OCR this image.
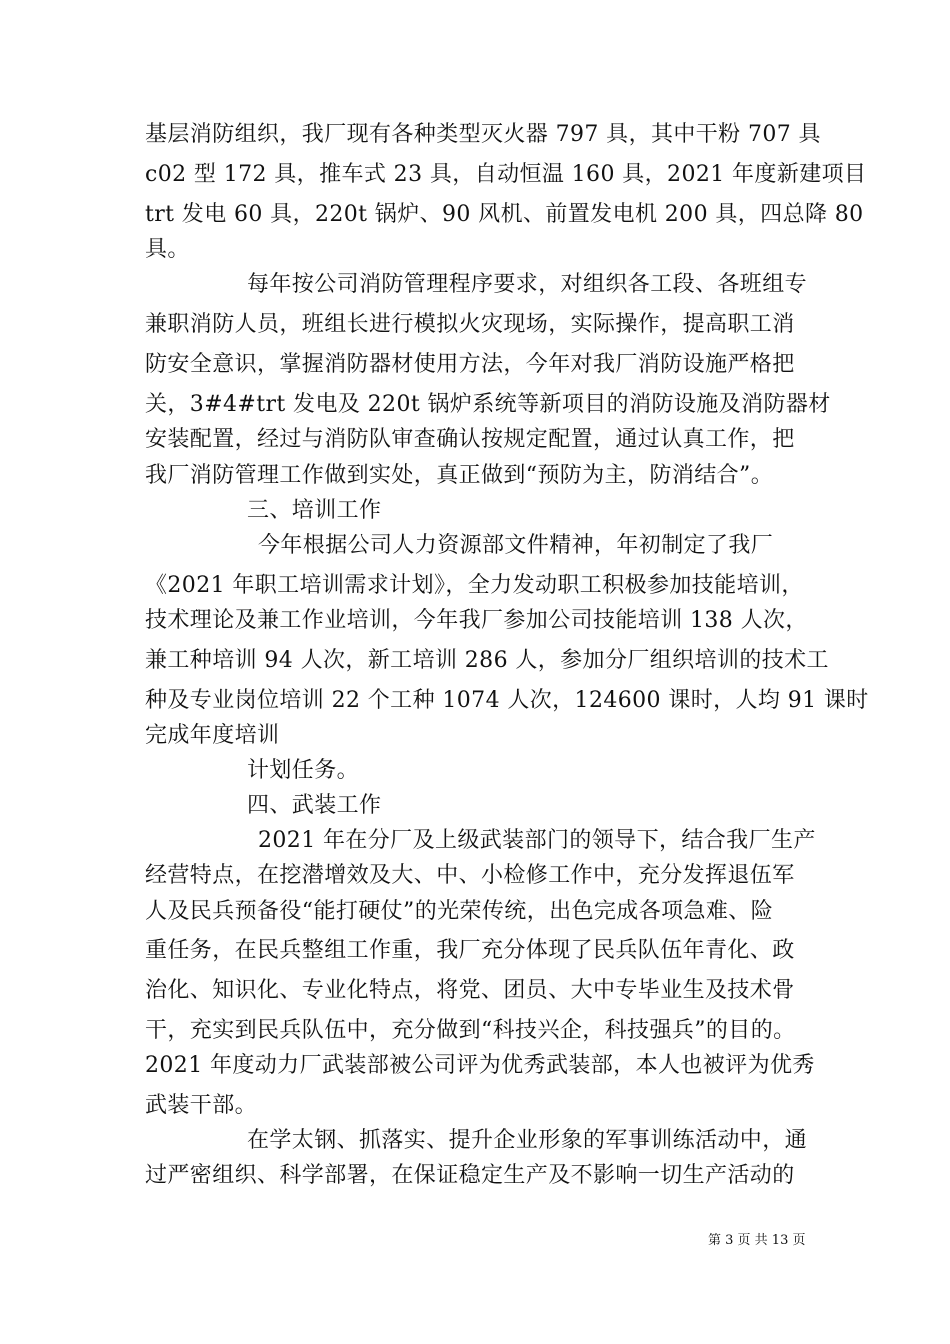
基层消防组织，我厂现有各种类型灭火器 797 具，其中干粉 707 具
c02 型 172 具，推车式 23 具，自动恒温 160 具，2021 年度新建项目
trt 发电 60 具，220t 锅炉、90 风机、前置发电机 200 具，四总降 80
具。
每年按公司消防管理程序要求，对组织各工段、各班组专
兼职消防人员，班组长进行模拟火灾现场，实际操作，提高职工消
防安全意识，掌握消防器材使用方法，今年对我厂消防设施严格把
关，3#4#trt 发电及 220t 锅炉系统等新项目的消防设施及消防器材
安装配置，经过与消防队审查确认按规定配置，通过认真工作，把
我厂消防管理工作做到实处，真正做到“预防为主，防消结合”。
三、培训工作
今年根据公司人力资源部文件精神，年初制定了我厂
《2021 年职工培训需求计划》，全力发动职工积极参加技能培训，
技术理论及兼工作业培训，今年我厂参加公司技能培训 138 人次，
兼工种培训 94 人次，新工培训 286 人，参加分厂组织培训的技术工
种及专业岗位培训 22 个工种 1074 人次，124600 课时，人均 91 课时
完成年度培训
计划任务。
四、武装工作
2021 年在分厂及上级武装部门的领导下，结合我厂生产
经营特点，在挖潜增效及大、中、小检修工作中，充分发挥退伍军
人及民兵预备役“能打硬仗”的光荣传统，出色完成各项急难、险
重任务，在民兵整组工作重，我厂充分体现了民兵队伍年青化、政
治化、知识化、专业化特点，将党、团员、大中专毕业生及技术骨
干，充实到民兵队伍中，充分做到“科技兴企，科技强兵”的目的。
2021 年度动力厂武装部被公司评为优秀武装部，本人也被评为优秀
武装干部。
在学太钢、抓落实、提升企业形象的军事训练活动中，通
过严密组织、科学部署，在保证稳定生产及不影响一切生产活动的
第 3 页 共 13 页
